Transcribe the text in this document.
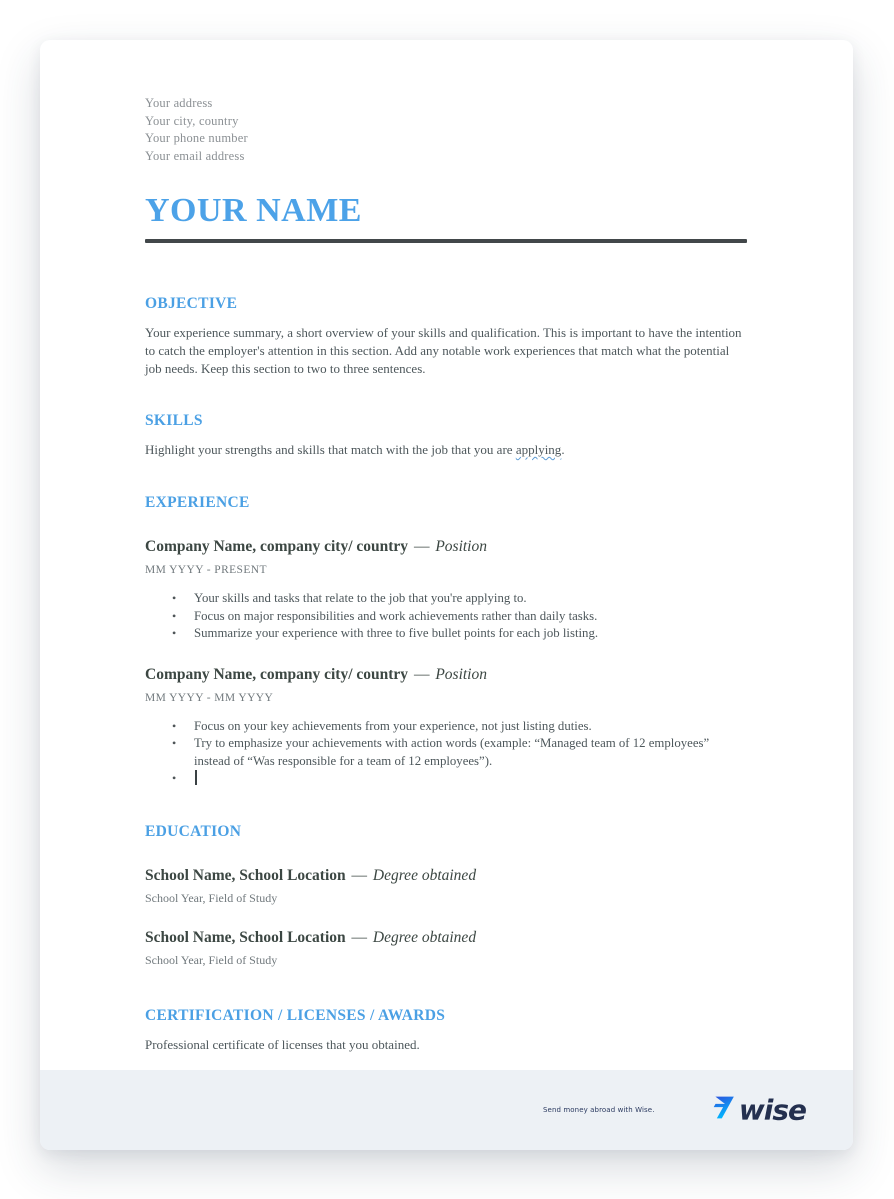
Your address
Your city, country
Your phone number
Your email address
YOUR NAME
OBJECTIVE

Your experience summary, a short overview of your skills and qualification. This is important to have the intention to catch the employer's attention in this section. Add any notable work experiences that match what the potential job needs. Keep this section to two to three sentences.

SKILLS

Highlight your strengths and skills that match with the job that you are applying.

EXPERIENCE
Company Name, company city/ country — Position
MM YYYY - PRESENT
• Your skills and tasks that relate to the job that you're applying to.
• Focus on major responsibilities and work achievements rather than daily tasks.
• Summarize your experience with three to five bullet points for each job listing.
Company Name, company city/ country — Position
MM YYYY - MM YYYY
• Focus on your key achievements from your experience, not just listing duties.
• Try to emphasize your achievements with action words (example: “Managed team of 12 employees” instead of “Was responsible for a team of 12 employees”).
•
EDUCATION
School Name, School Location — Degree obtained
School Year, Field of Study
School Name, School Location — Degree obtained
School Year, Field of Study
CERTIFICATION / LICENSES / AWARDS

Professional certificate of licenses that you obtained.

Send money abroad with Wise.	wise
